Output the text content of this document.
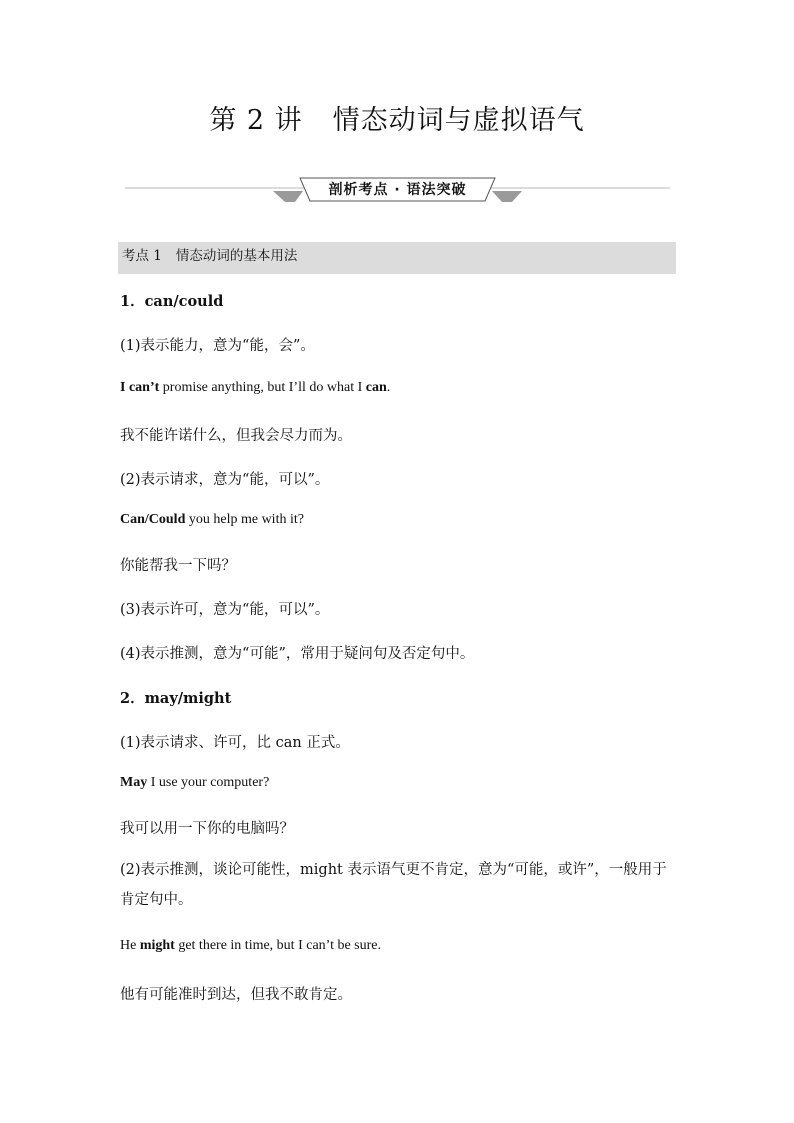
第 2 讲 情态动词与虚拟语气
剖析考点 · 语法突破
考点 1 情态动词的基本用法
1．can/could
(1)表示能力，意为“能，会”。
I can’t promise anything, but I’ll do what I can.
我不能许诺什么，但我会尽力而为。
(2)表示请求，意为“能，可以”。
Can/Could you help me with it?
你能帮我一下吗？
(3)表示许可，意为“能，可以”。
(4)表示推测，意为“可能”，常用于疑问句及否定句中。
2．may/might
(1)表示请求、许可，比 can 正式。
May I use your computer?
我可以用一下你的电脑吗？
(2)表示推测，谈论可能性，might 表示语气更不肯定，意为“可能，或许”，一般用于肯定句中。
He might get there in time, but I can’t be sure.
他有可能准时到达，但我不敢肯定。
